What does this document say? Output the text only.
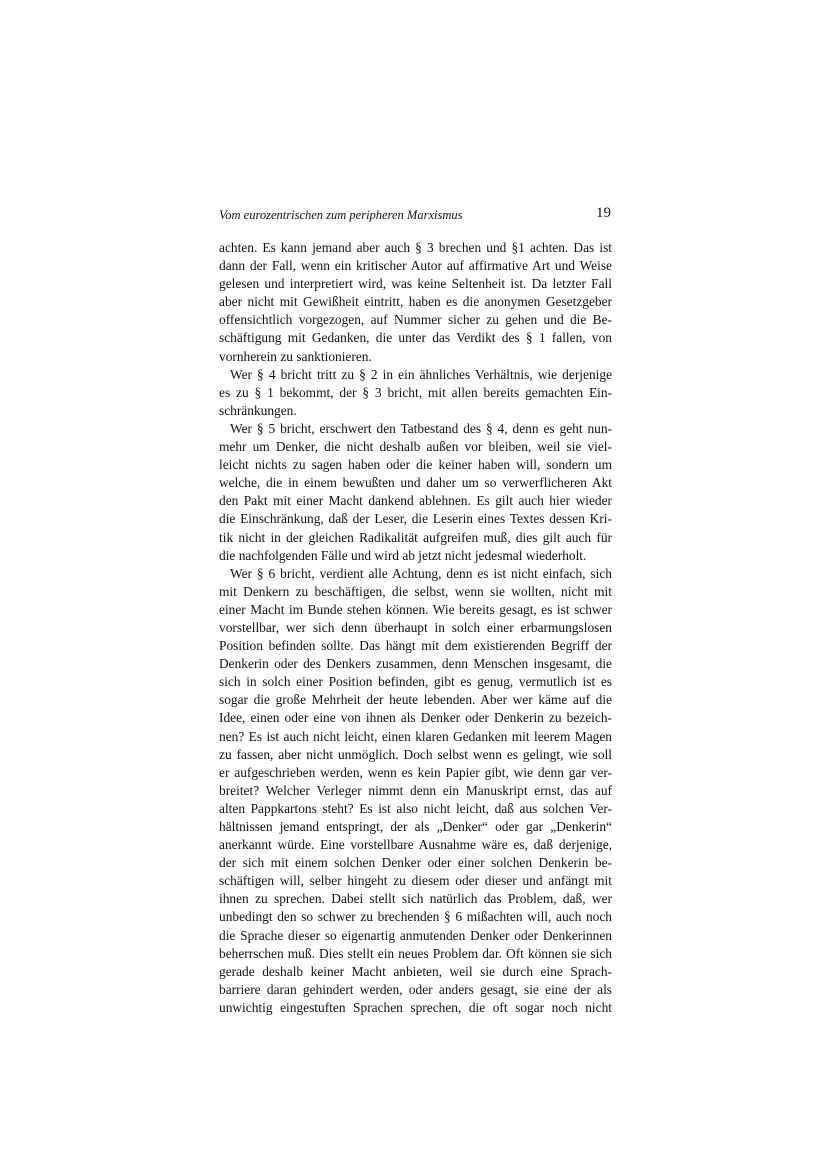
Vom eurozentrischen zum peripheren Marxismus	19
achten. Es kann jemand aber auch § 3 brechen und §1 achten. Das ist
dann der Fall, wenn ein kritischer Autor auf affirmative Art und Weise
gelesen und interpretiert wird, was keine Seltenheit ist. Da letzter Fall
aber nicht mit Gewißheit eintritt, haben es die anonymen Gesetzgeber
offensichtlich vorgezogen, auf Nummer sicher zu gehen und die Be-
schäftigung mit Gedanken, die unter das Verdikt des § 1 fallen, von
vornherein zu sanktionieren.
Wer § 4 bricht tritt zu § 2 in ein ähnliches Verhältnis, wie derjenige
es zu § 1 bekommt, der § 3 bricht, mit allen bereits gemachten Ein-
schränkungen.
Wer § 5 bricht, erschwert den Tatbestand des § 4, denn es geht nun-
mehr um Denker, die nicht deshalb außen vor bleiben, weil sie viel-
leicht nichts zu sagen haben oder die keiner haben will, sondern um
welche, die in einem bewußten und daher um so verwerflicheren Akt
den Pakt mit einer Macht dankend ablehnen. Es gilt auch hier wieder
die Einschränkung, daß der Leser, die Leserin eines Textes dessen Kri-
tik nicht in der gleichen Radikalität aufgreifen muß, dies gilt auch für
die nachfolgenden Fälle und wird ab jetzt nicht jedesmal wiederholt.
Wer § 6 bricht, verdient alle Achtung, denn es ist nicht einfach, sich
mit Denkern zu beschäftigen, die selbst, wenn sie wollten, nicht mit
einer Macht im Bunde stehen können. Wie bereits gesagt, es ist schwer
vorstellbar, wer sich denn überhaupt in solch einer erbarmungslosen
Position befinden sollte. Das hängt mit dem existierenden Begriff der
Denkerin oder des Denkers zusammen, denn Menschen insgesamt, die
sich in solch einer Position befinden, gibt es genug, vermutlich ist es
sogar die große Mehrheit der heute lebenden. Aber wer käme auf die
Idee, einen oder eine von ihnen als Denker oder Denkerin zu bezeich-
nen? Es ist auch nicht leicht, einen klaren Gedanken mit leerem Magen
zu fassen, aber nicht unmöglich. Doch selbst wenn es gelingt, wie soll
er aufgeschrieben werden, wenn es kein Papier gibt, wie denn gar ver-
breitet? Welcher Verleger nimmt denn ein Manuskript ernst, das auf
alten Pappkartons steht? Es ist also nicht leicht, daß aus solchen Ver-
hältnissen jemand entspringt, der als „Denker“ oder gar „Denkerin“
anerkannt würde. Eine vorstellbare Ausnahme wäre es, daß derjenige,
der sich mit einem solchen Denker oder einer solchen Denkerin be-
schäftigen will, selber hingeht zu diesem oder dieser und anfängt mit
ihnen zu sprechen. Dabei stellt sich natürlich das Problem, daß, wer
unbedingt den so schwer zu brechenden § 6 mißachten will, auch noch
die Sprache dieser so eigenartig anmutenden Denker oder Denkerinnen
beherrschen muß. Dies stellt ein neues Problem dar. Oft können sie sich
gerade deshalb keiner Macht anbieten, weil sie durch eine Sprach-
barriere daran gehindert werden, oder anders gesagt, sie eine der als
unwichtig eingestuften Sprachen sprechen, die oft sogar noch nicht
